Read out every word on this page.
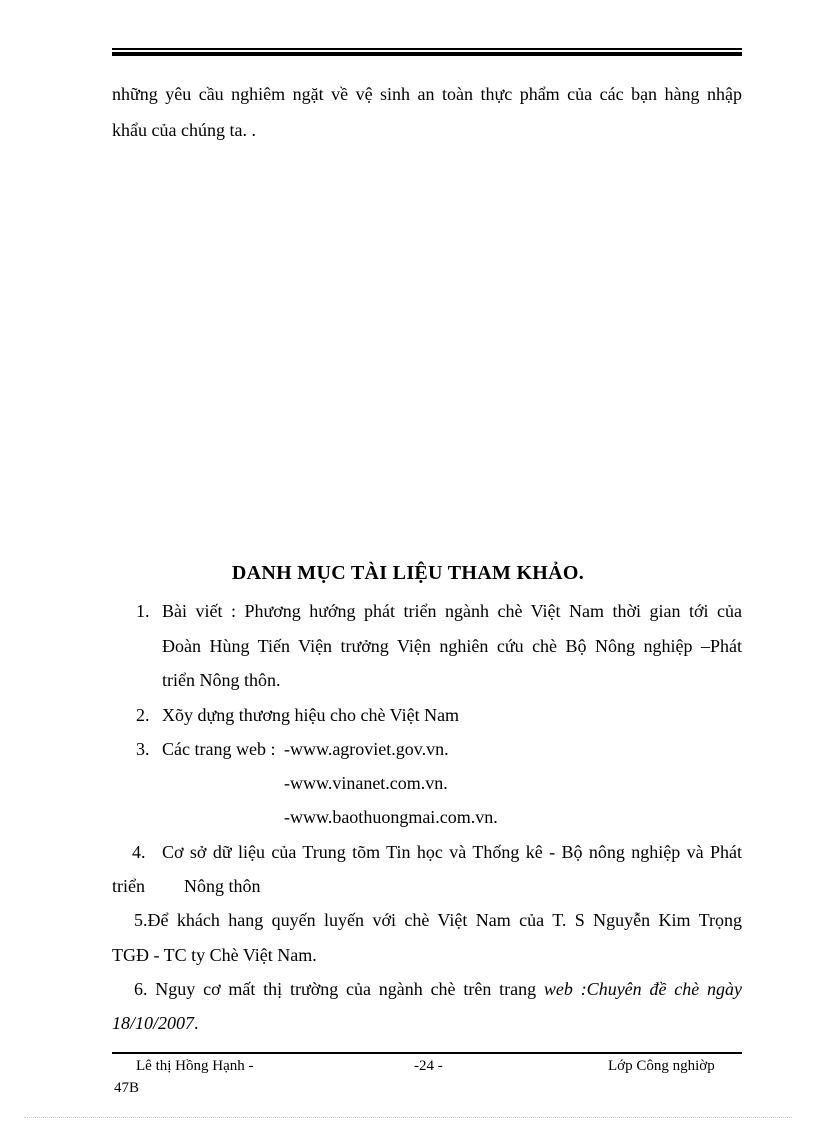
những yêu cầu nghiêm ngặt về vệ sinh an toàn thực phẩm của các bạn hàng nhập
khẩu của chúng ta. .
DANH MỤC TÀI LIỆU THAM KHẢO.
1. Bài viết : Phương hướng phát triển ngành chè Việt Nam thời gian tới của
Đoàn Hùng Tiến Viện trưởng Viện nghiên cứu chè Bộ Nông nghiệp –Phát
triển Nông thôn.
2. Xõy dựng thương hiệu cho chè Việt Nam
3. Các trang web : -www.agroviet.gov.vn.
-www.vinanet.com.vn.
-www.baothuongmai.com.vn.
4. Cơ sở dữ liệu của Trung tõm Tin học và Thống kê - Bộ nông nghiệp và Phát
triển Nông thôn
5.Để khách hang quyến luyến với chè Việt Nam của T. S Nguyễn Kim Trọng
TGĐ - TC ty Chè Việt Nam.
6. Nguy cơ mất thị trường của ngành chè trên trang web :Chuyên đề chè ngày
18/10/2007.
Lê thị Hồng Hạnh -
47B
-24 -	Lớp Công nghiờp
